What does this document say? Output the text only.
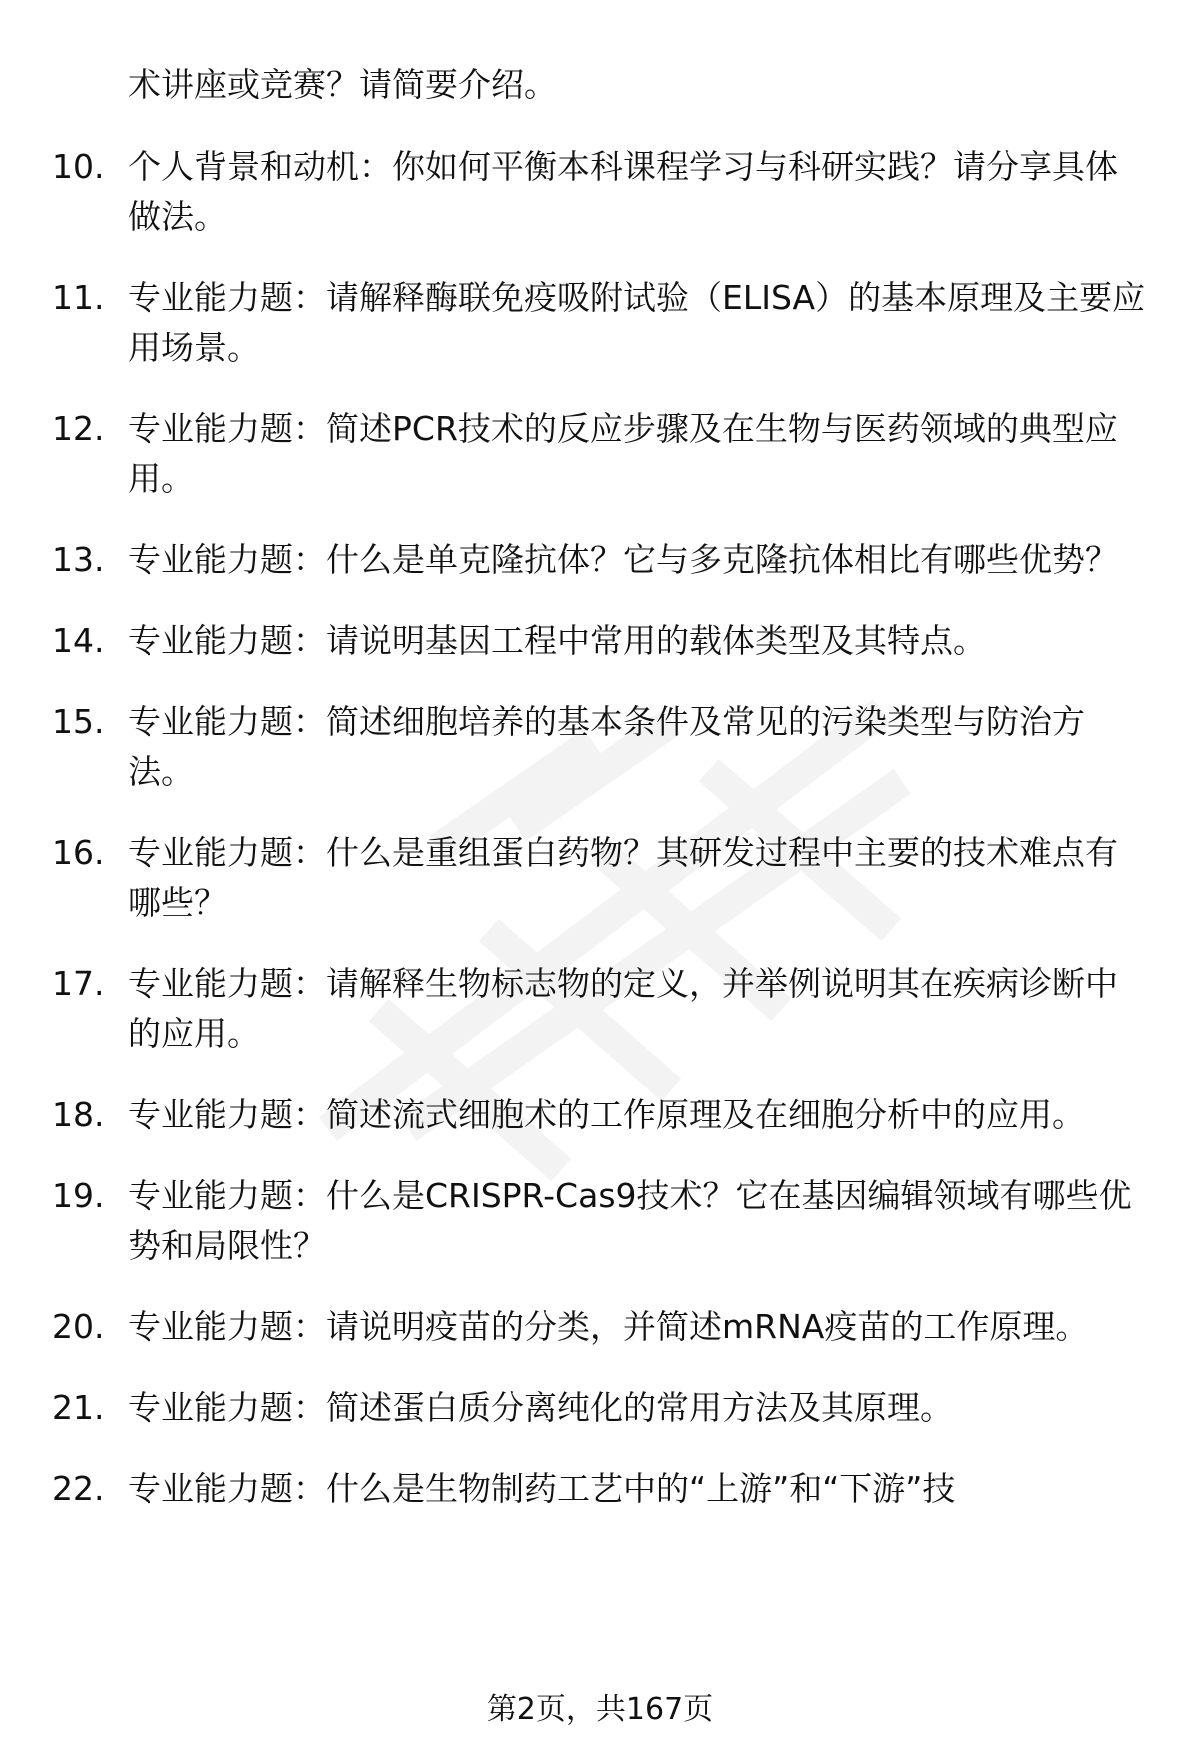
术讲座或竞赛？请简要介绍。
10. 个人背景和动机：你如何平衡本科课程学习与科研实践？请分享具体做法。
11. 专业能力题：请解释酶联免疫吸附试验（ELISA）的基本原理及主要应用场景。
12. 专业能力题：简述PCR技术的反应步骤及在生物与医药领域的典型应用。
13. 专业能力题：什么是单克隆抗体？它与多克隆抗体相比有哪些优势？
14. 专业能力题：请说明基因工程中常用的载体类型及其特点。
15. 专业能力题：简述细胞培养的基本条件及常见的污染类型与防治方法。
16. 专业能力题：什么是重组蛋白药物？其研发过程中主要的技术难点有哪些？
17. 专业能力题：请解释生物标志物的定义，并举例说明其在疾病诊断中的应用。
18. 专业能力题：简述流式细胞术的工作原理及在细胞分析中的应用。
19. 专业能力题：什么是CRISPR-Cas9技术？它在基因编辑领域有哪些优势和局限性？
20. 专业能力题：请说明疫苗的分类，并简述mRNA疫苗的工作原理。
21. 专业能力题：简述蛋白质分离纯化的常用方法及其原理。
22. 专业能力题：什么是生物制药工艺中的“上游”和“下游”技
第2页，共167页
